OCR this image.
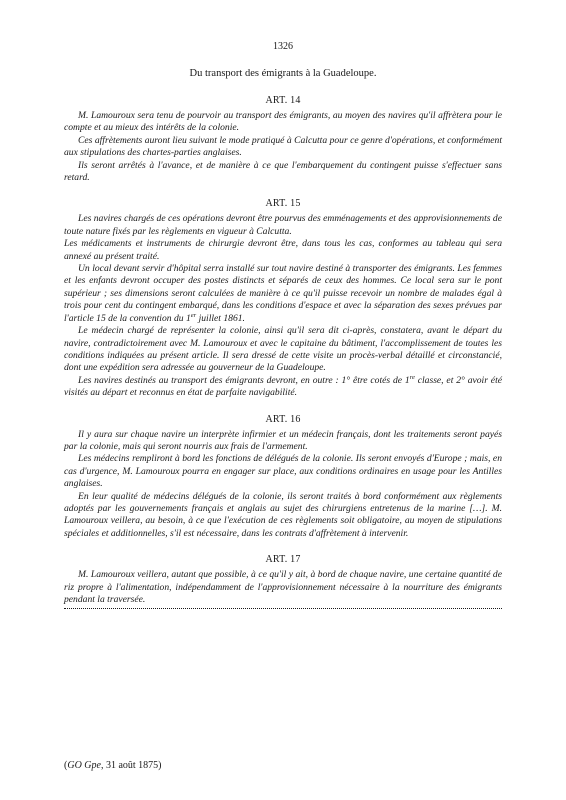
1326
Du transport des émigrants à la Guadeloupe.
ART. 14

M. Lamouroux sera tenu de pourvoir au transport des émigrants, au moyen des navires qu'il affrètera pour le compte et au mieux des intérêts de la colonie.

Ces affrètements auront lieu suivant le mode pratiqué à Calcutta pour ce genre d'opérations, et conformément aux stipulations des chartes-parties anglaises.

Ils seront arrêtés à l'avance, et de manière à ce que l'embarquement du contingent puisse s'effectuer sans retard.

ART. 15

Les navires chargés de ces opérations devront être pourvus des emménagements et des approvisionnements de toute nature fixés par les règlements en vigueur à Calcutta.

Les médicaments et instruments de chirurgie devront être, dans tous les cas, conformes au tableau qui sera annexé au présent traité.

Un local devant servir d'hôpital serra installé sur tout navire destiné à transporter des émigrants. Les femmes et les enfants devront occuper des postes distincts et séparés de ceux des hommes. Ce local sera sur le pont supérieur ; ses dimensions seront calculées de manière à ce qu'il puisse recevoir un nombre de malades égal à trois pour cent du contingent embarqué, dans les conditions d'espace et avec la séparation des sexes prévues par l'article 15 de la convention du 1er juillet 1861.

Le médecin chargé de représenter la colonie, ainsi qu'il sera dit ci-après, constatera, avant le départ du navire, contradictoirement avec M. Lamouroux et avec le capitaine du bâtiment, l'accomplissement de toutes les conditions indiquées au présent article. Il sera dressé de cette visite un procès-verbal détaillé et circonstancié, dont une expédition sera adressée au gouverneur de la Guadeloupe.

Les navires destinés au transport des émigrants devront, en outre : 1° être cotés de 1re classe, et 2° avoir été visités au départ et reconnus en état de parfaite navigabilité.

ART. 16

Il y aura sur chaque navire un interprète infirmier et un médecin français, dont les traitements seront payés par la colonie, mais qui seront nourris aux frais de l'armement.

Les médecins rempliront à bord les fonctions de délégués de la colonie. Ils seront envoyés d'Europe ; mais, en cas d'urgence, M. Lamouroux pourra en engager sur place, aux conditions ordinaires en usage pour les Antilles anglaises.

En leur qualité de médecins délégués de la colonie, ils seront traités à bord conformément aux règlements adoptés par les gouvernements français et anglais au sujet des chirurgiens entretenus de la marine […]. M. Lamouroux veillera, au besoin, à ce que l'exécution de ces règlements soit obligatoire, au moyen de stipulations spéciales et additionnelles, s'il est nécessaire, dans les contrats d'affrètement à intervenir.

ART. 17

M. Lamouroux veillera, autant que possible, à ce qu'il y ait, à bord de chaque navire, une certaine quantité de riz propre à l'alimentation, indépendamment de l'approvisionnement nécessaire à la nourriture des émigrants pendant la traversée.

(GO Gpe, 31 août 1875)
